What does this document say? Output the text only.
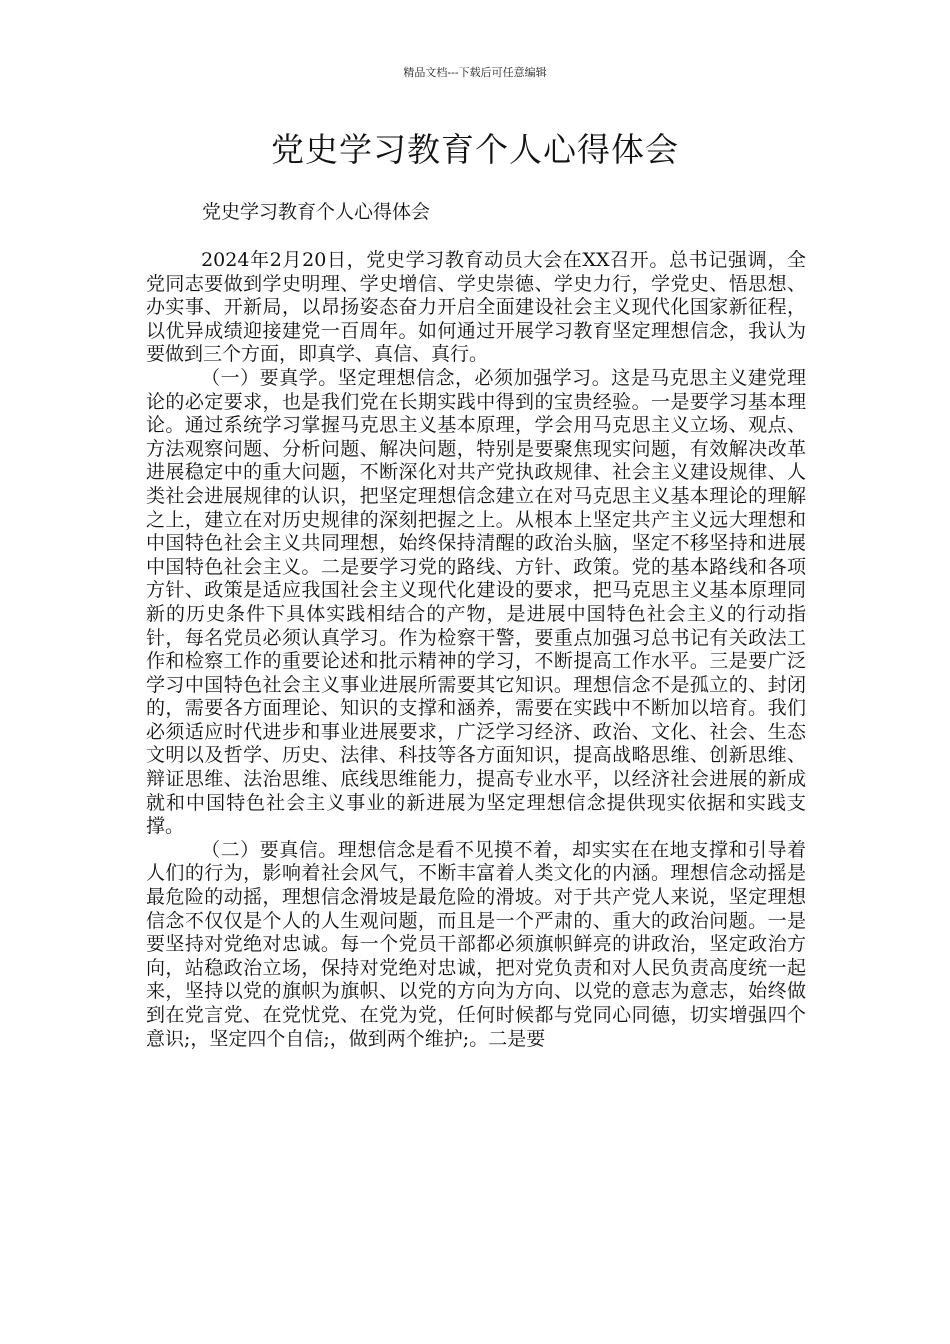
精品文档---下载后可任意编辑
党史学习教育个人心得体会

党史学习教育个人心得体会

2024年2月20日，党史学习教育动员大会在XX召开。总书记强调，全党同志要做到学史明理、学史增信、学史崇德、学史力行，学党史、悟思想、办实事、开新局，以昂扬姿态奋力开启全面建设社会主义现代化国家新征程，以优异成绩迎接建党一百周年。如何通过开展学习教育坚定理想信念，我认为要做到三个方面，即真学、真信、真行。

（一）要真学。坚定理想信念，必须加强学习。这是马克思主义建党理论的必定要求，也是我们党在长期实践中得到的宝贵经验。一是要学习基本理论。通过系统学习掌握马克思主义基本原理，学会用马克思主义立场、观点、方法观察问题、分析问题、解决问题，特别是要聚焦现实问题，有效解决改革进展稳定中的重大问题，不断深化对共产党执政规律、社会主义建设规律、人类社会进展规律的认识，把坚定理想信念建立在对马克思主义基本理论的理解之上，建立在对历史规律的深刻把握之上。从根本上坚定共产主义远大理想和中国特色社会主义共同理想，始终保持清醒的政治头脑，坚定不移坚持和进展中国特色社会主义。二是要学习党的路线、方针、政策。党的基本路线和各项方针、政策是适应我国社会主义现代化建设的要求，把马克思主义基本原理同新的历史条件下具体实践相结合的产物，是进展中国特色社会主义的行动指针，每名党员必须认真学习。作为检察干警，要重点加强习总书记有关政法工作和检察工作的重要论述和批示精神的学习，不断提高工作水平。三是要广泛学习中国特色社会主义事业进展所需要其它知识。理想信念不是孤立的、封闭的，需要各方面理论、知识的支撑和涵养，需要在实践中不断加以培育。我们必须适应时代进步和事业进展要求，广泛学习经济、政治、文化、社会、生态文明以及哲学、历史、法律、科技等各方面知识，提高战略思维、创新思维、辩证思维、法治思维、底线思维能力，提高专业水平，以经济社会进展的新成就和中国特色社会主义事业的新进展为坚定理想信念提供现实依据和实践支撑。

（二）要真信。理想信念是看不见摸不着，却实实在在地支撑和引导着人们的行为，影响着社会风气，不断丰富着人类文化的内涵。理想信念动摇是最危险的动摇，理想信念滑坡是最危险的滑坡。对于共产党人来说，坚定理想信念不仅仅是个人的人生观问题，而且是一个严肃的、重大的政治问题。一是要坚持对党绝对忠诚。每一个党员干部都必须旗帜鲜亮的讲政治，坚定政治方向，站稳政治立场，保持对党绝对忠诚，把对党负责和对人民负责高度统一起来，坚持以党的旗帜为旗帜、以党的方向为方向、以党的意志为意志，始终做到在党言党、在党忧党、在党为党，任何时候都与党同心同德，切实增强四个意识;，坚定四个自信;，做到两个维护;。二是要
